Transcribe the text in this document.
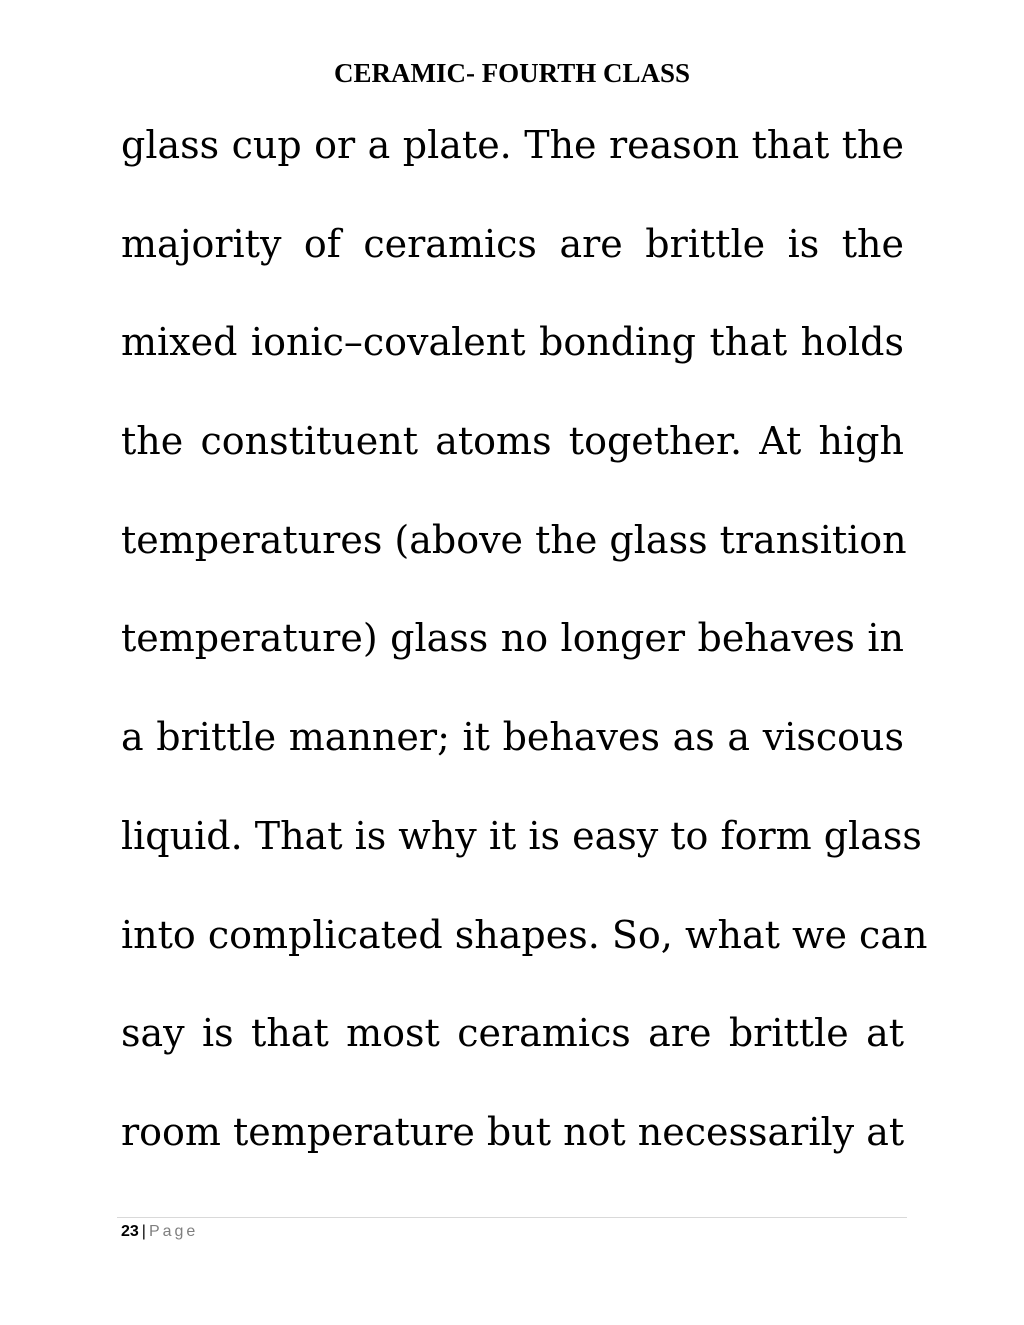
CERAMIC- FOURTH CLASS
glass cup or a plate. The reason that the
majority of ceramics are brittle is the
mixed ionic–covalent bonding that holds
the constituent atoms together. At high
temperatures (above the glass transition
temperature) glass no longer behaves in
a brittle manner; it behaves as a viscous
liquid. That is why it is easy to form glass
into complicated shapes. So, what we can
say is that most ceramics are brittle at
room temperature but not necessarily at
23 | Page
